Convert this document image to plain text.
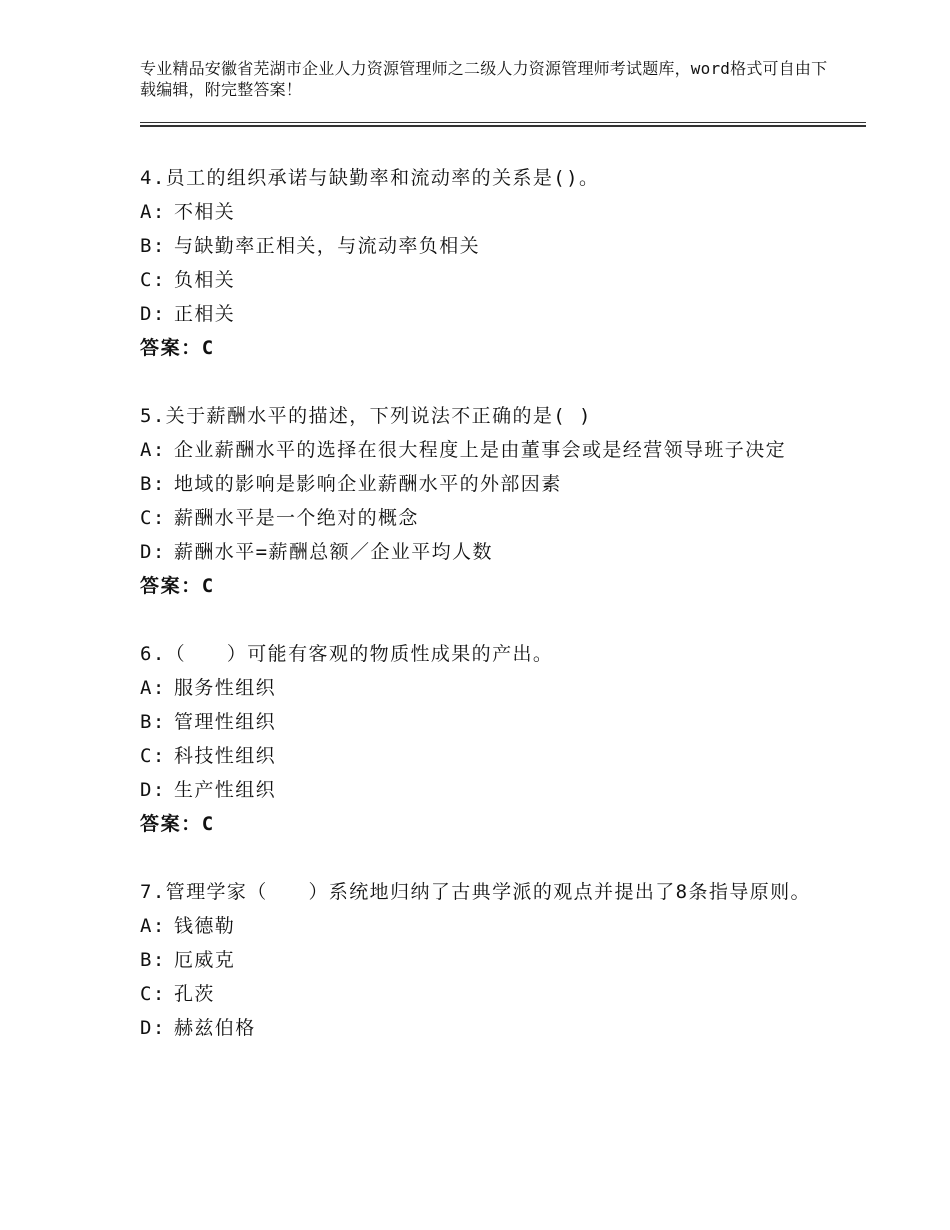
专业精品安徽省芜湖市企业人力资源管理师之二级人力资源管理师考试题库，word格式可自由下载编辑，附完整答案！

4.员工的组织承诺与缺勤率和流动率的关系是()。

A: 不相关

B: 与缺勤率正相关，与流动率负相关

C: 负相关

D: 正相关

答案：C

5.关于薪酬水平的描述，下列说法不正确的是( )

A: 企业薪酬水平的选择在很大程度上是由董事会或是经营领导班子决定

B: 地域的影响是影响企业薪酬水平的外部因素

C: 薪酬水平是一个绝对的概念

D: 薪酬水平=薪酬总额／企业平均人数

答案：C

6.（　　）可能有客观的物质性成果的产出。

A: 服务性组织

B: 管理性组织

C: 科技性组织

D: 生产性组织

答案：C

7.管理学家（　　）系统地归纳了古典学派的观点并提出了8条指导原则。

A: 钱德勒

B: 厄威克

C: 孔茨

D: 赫兹伯格
